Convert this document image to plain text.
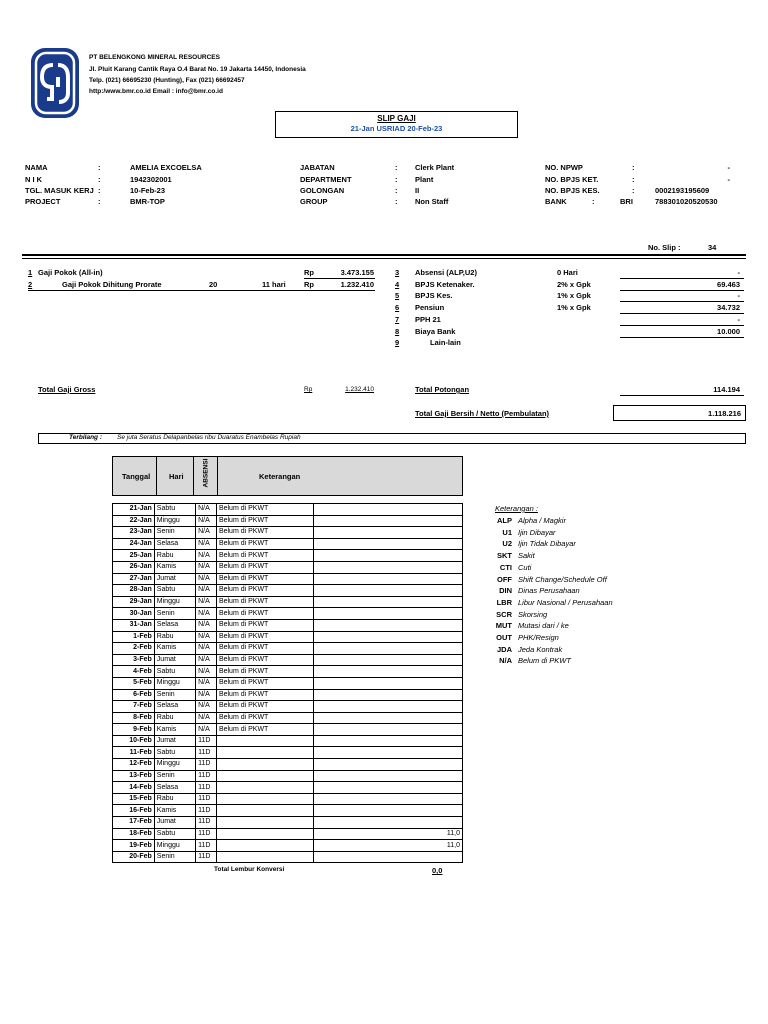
PT BELENGKONG MINERAL RESOURCES
Jl. Pluit Karang Cantik Raya O.4 Barat No. 19 Jakarta 14450, Indonesia
Telp. (021) 66695230 (Hunting), Fax (021) 66692457
http:/www.bmr.co.id Email : info@bmr.co.id
SLIP GAJI
21-Jan USRIAD 20-Feb-23
NAMA	:	AMELIA EXCOELSA
N I K	:	1942302001
TGL. MASUK KERJ :	10-Feb-23
PROJECT	:	BMR-TOP
JABATAN	: Clerk Plant
DEPARTMENT	: Plant
GOLONGAN	: II
GROUP	: Non Staff
NO. NPWP	:	-
NO. BPJS KET.	:	-
NO. BPJS KES.	:	0002193195609
BANK	:	BRI	788301020520530
No. Slip :	34
1 Gaji Pokok (All-in)	Rp	3.473.155
2	Gaji Pokok Dihitung Prorate	20	11 hari Rp	1.232.410
3 Absensi (ALP,U2)	0 Hari	-
4 BPJS Ketenaker.	2% x Gpk	69.463
5 BPJS Kes.	1% x Gpk	-
6 Pensiun	1% x Gpk	34.732
7 PPH 21	-
8 Biaya Bank	10.000
9	Lain-lain
Total Gaji Gross	Rp	1.232.410	Total Potongan	114.194
Total Gaji Bersih / Netto (Pembulatan)	1.118.216
Terbilang : Se juta Seratus Delapanbelas ribu Duaratus Enambelas Rupiah
Tanggal	Hari	ABSENSI	Keterangan
21-Jan	Sabtu	N/A	Belum di PKWT	
22-Jan	Minggu	N/A	Belum di PKWT	
23-Jan	Senin	N/A	Belum di PKWT	
24-Jan	Selasa	N/A	Belum di PKWT	
25-Jan	Rabu	N/A	Belum di PKWT	
26-Jan	Kamis	N/A	Belum di PKWT	
27-Jan	Jumat	N/A	Belum di PKWT	
28-Jan	Sabtu	N/A	Belum di PKWT	
29-Jan	Minggu	N/A	Belum di PKWT	
30-Jan	Senin	N/A	Belum di PKWT	
31-Jan	Selasa	N/A	Belum di PKWT	
1-Feb	Rabu	N/A	Belum di PKWT	
2-Feb	Kamis	N/A	Belum di PKWT	
3-Feb	Jumat	N/A	Belum di PKWT	
4-Feb	Sabtu	N/A	Belum di PKWT	
5-Feb	Minggu	N/A	Belum di PKWT	
6-Feb	Senin	N/A	Belum di PKWT	
7-Feb	Selasa	N/A	Belum di PKWT	
8-Feb	Rabu	N/A	Belum di PKWT	
9-Feb	Kamis	N/A	Belum di PKWT	
10-Feb	Jumat	11D		
11-Feb	Sabtu	11D		
12-Feb	Minggu	11D		
13-Feb	Senin	11D		
14-Feb	Selasa	11D		
15-Feb	Rabu	11D		
16-Feb	Kamis	11D		
17-Feb	Jumat	11D		
18-Feb	Sabtu	11D		11,0
19-Feb	Minggu	11D		11,0
20-Feb	Senin	11D		
Total Lembur Konversi	0,0
Keterangan :
ALP Alpha / Magkir
U1 Ijin Dibayar
U2 Ijin Tidak Dibayar
SKT Sakit
CTI Cuti
OFF Shift Change/Schedule Off
DIN Dinas Perusahaan
LBR Libur Nasional / Perusahaan
SCR Skorsing
MUT Mutasi dari / ke
OUT PHK/Resign
JDA Jeda Kontrak
N/A Belum di PKWT
